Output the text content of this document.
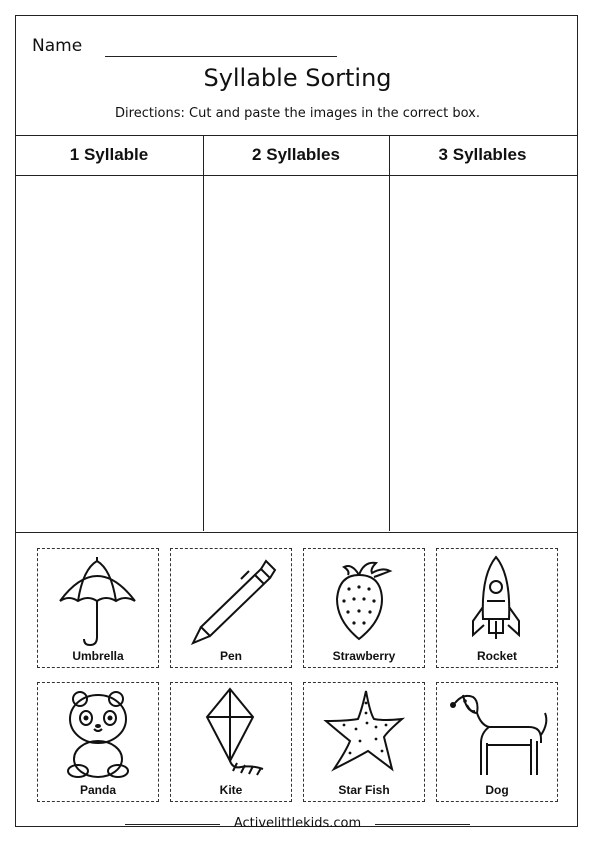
Name
Syllable Sorting
Directions: Cut and paste the images in the correct box.
1 Syllable	2 Syllables	3 Syllables
Umbrella	Pen	Strawberry	Rocket
Panda	Kite	Star Fish	Dog
Activelittlekids.com
